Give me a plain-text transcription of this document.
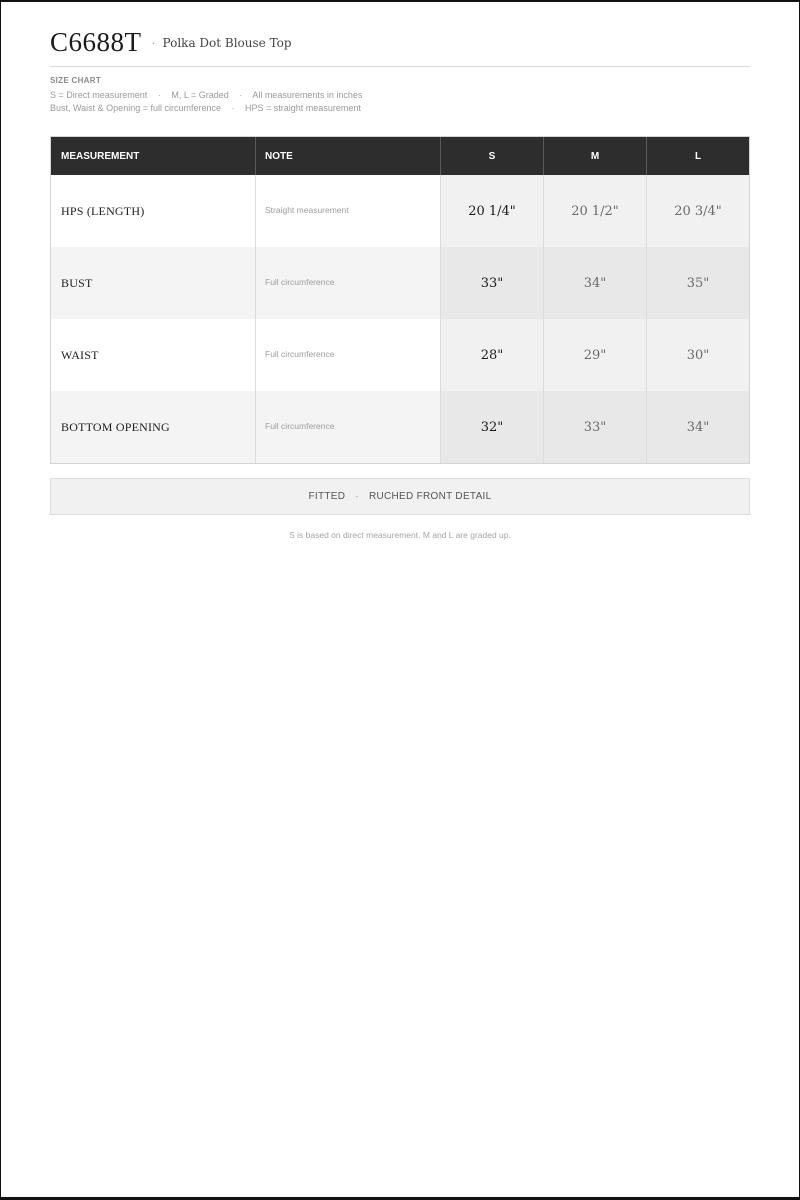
C6688T · Polka Dot Blouse Top
SIZE CHART
S = Direct measurement · M, L = Graded · All measurements in inches
Bust, Waist & Opening = full circumference · HPS = straight measurement
MEASUREMENT	NOTE	S	M	L
HPS (LENGTH)	Straight measurement	20 1/4"	20 1/2"	20 3/4"
BUST	Full circumference	33"	34"	35"
WAIST	Full circumference	28"	29"	30"
BOTTOM OPENING	Full circumference	32"	33"	34"
FITTED · RUCHED FRONT DETAIL
S is based on direct measurement. M and L are graded up.
